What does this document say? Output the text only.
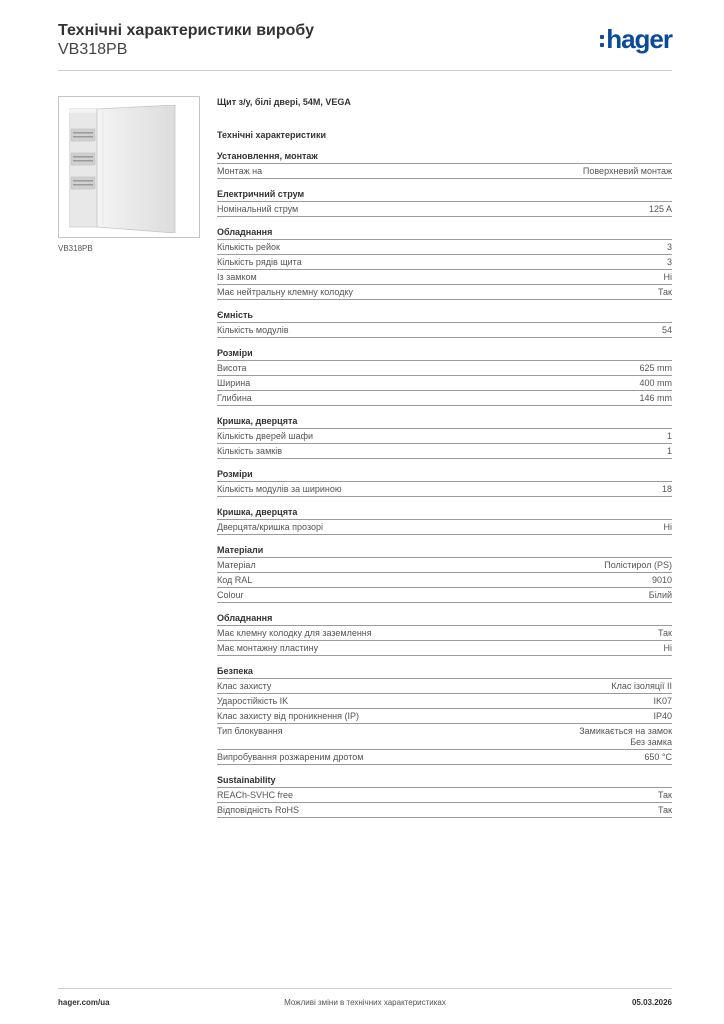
Технічні характеристики виробу
VB318PB	hager
VB318PB
Щит з/у, білі двері, 54М, VEGA
Технічні характеристики
Установлення, монтаж
Монтаж на	Поверхневий монтаж
Електричний струм
Номінальний струм	125 A
Обладнання
Кількість рейок	3
Кількість рядів щита	3
Із замком	Ні
Має нейтральну клемну колодку	Так
Ємність
Кількість модулів	54
Розміри
Висота	625 mm
Ширина	400 mm
Глибина	146 mm
Кришка, дверцята
Кількість дверей шафи	1
Кількість замків	1
Розміри
Кількість модулів за шириною	18
Кришка, дверцята
Дверцята/кришка прозорі	Ні
Матеріали
Матеріал	Полістирол (PS)
Код RAL	9010
Colour	Білий
Обладнання
Має клемну колодку для заземлення	Так
Має монтажну пластину	Ні
Безпека
Клас захисту	Клас ізоляції II
Ударостійкість IK	IK07
Клас захисту від проникнення (IP)	IP40
Тип блокування	Замикається на замок
Без замка
Випробування розжареним дротом	650 °C
Sustainability
REACh-SVHC free	Так
Відповідність RoHS	Так
hager.com/ua	Можливі зміни в технічних характеристиках	05.03.2026
